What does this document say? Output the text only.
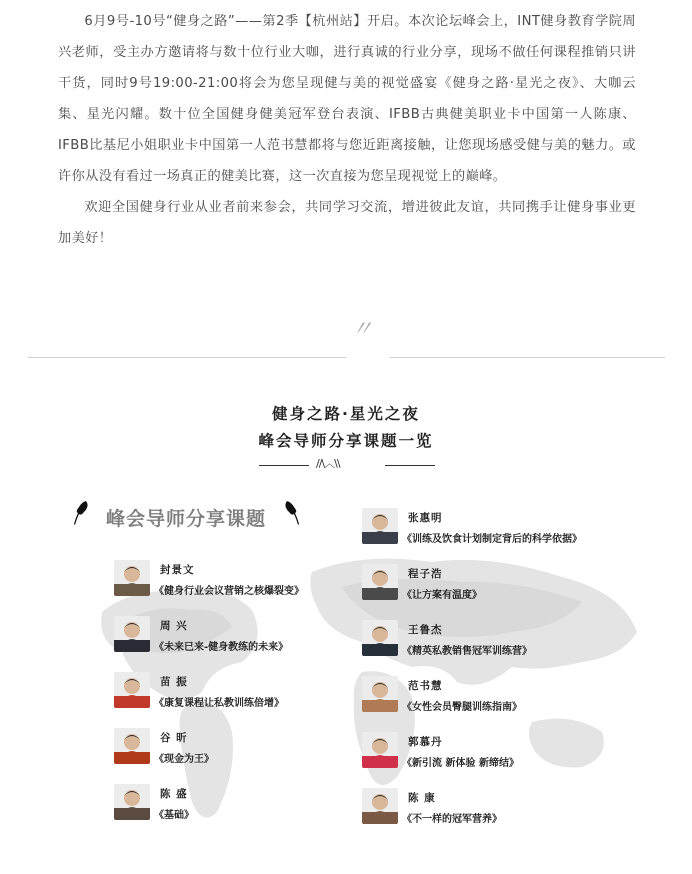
6月9号-10号“健身之路”——第2季【杭州站】开启。本次论坛峰会上，INT健身教育学院周兴老师，受主办方邀请将与数十位行业大咖，进行真诚的行业分享，现场不做任何课程推销只讲干货，同时9号19:00-21:00将会为您呈现健与美的视觉盛宴《健身之路·星光之夜》、大咖云集、星光闪耀。数十位全国健身健美冠军登台表演、IFBB古典健美职业卡中国第一人陈康、IFBB比基尼小姐职业卡中国第一人范书慧都将与您近距离接触，让您现场感受健与美的魅力。或许你从没有看过一场真正的健美比赛，这一次直接为您呈现视觉上的巅峰。

欢迎全国健身行业从业者前来参会，共同学习交流，增进彼此友谊，共同携手让健身事业更加美好！

〃
健身之路·星光之夜
峰会导师分享课题一览
//\︿\\
峰会导师分享课题
封景文
《健身行业会议营销之核爆裂变》
周 兴
《未来已来-健身教练的未来》
苗 振
《康复课程让私教训练倍增》
谷 昕
《现金为王》
陈 盛
《基础》
张惠明
《训练及饮食计划制定背后的科学依据》
程子浩
《让方案有温度》
王鲁杰
《精英私教销售冠军训练营》
范书慧
《女性会员臀腿训练指南》
郭慕丹
《新引流 新体验 新缔结》
陈 康
《不一样的冠军营养》
